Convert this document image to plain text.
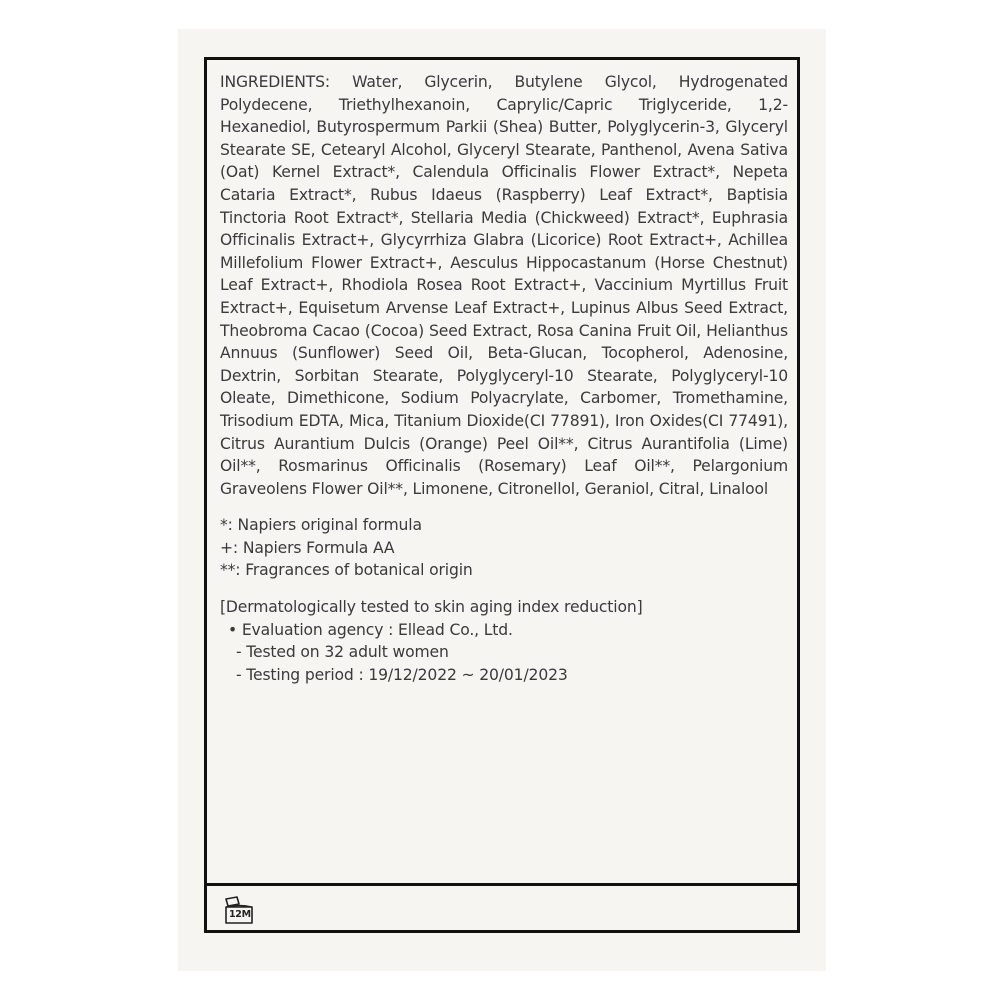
INGREDIENTS: Water, Glycerin, Butylene Glycol, Hydrogenated Polydecene, Triethylhexanoin, Caprylic/Capric Triglyceride, 1,2-Hexanediol, Butyrospermum Parkii (Shea) Butter, Polyglycerin-3, Glyceryl Stearate SE, Cetearyl Alcohol, Glyceryl Stearate, Panthenol, Avena Sativa (Oat) Kernel Extract*, Calendula Officinalis Flower Extract*, Nepeta Cataria Extract*, Rubus Idaeus (Raspberry) Leaf Extract*, Baptisia Tinctoria Root Extract*, Stellaria Media (Chickweed) Extract*, Euphrasia Officinalis Extract+, Glycyrrhiza Glabra (Licorice) Root Extract+, Achillea Millefolium Flower Extract+, Aesculus Hippocastanum (Horse Chestnut) Leaf Extract+, Rhodiola Rosea Root Extract+, Vaccinium Myrtillus Fruit Extract+, Equisetum Arvense Leaf Extract+, Lupinus Albus Seed Extract, Theobroma Cacao (Cocoa) Seed Extract, Rosa Canina Fruit Oil, Helianthus Annuus (Sunflower) Seed Oil, Beta-Glucan, Tocopherol, Adenosine, Dextrin, Sorbitan Stearate, Polyglyceryl-10 Stearate, Polyglyceryl-10 Oleate, Dimethicone, Sodium Polyacrylate, Carbomer, Tromethamine, Trisodium EDTA, Mica, Titanium Dioxide(CI 77891), Iron Oxides(CI 77491), Citrus Aurantium Dulcis (Orange) Peel Oil**, Citrus Aurantifolia (Lime) Oil**, Rosmarinus Officinalis (Rosemary) Leaf Oil**, Pelargonium Graveolens Flower Oil**, Limonene, Citronellol, Geraniol, Citral, Linalool

*: Napiers original formula
+: Napiers Formula AA
**: Fragrances of botanical origin
[Dermatologically tested to skin aging index reduction]
• Evaluation agency : Ellead Co., Ltd.
- Tested on 32 adult women
- Testing period : 19/12/2022 ~ 20/01/2023
12M
